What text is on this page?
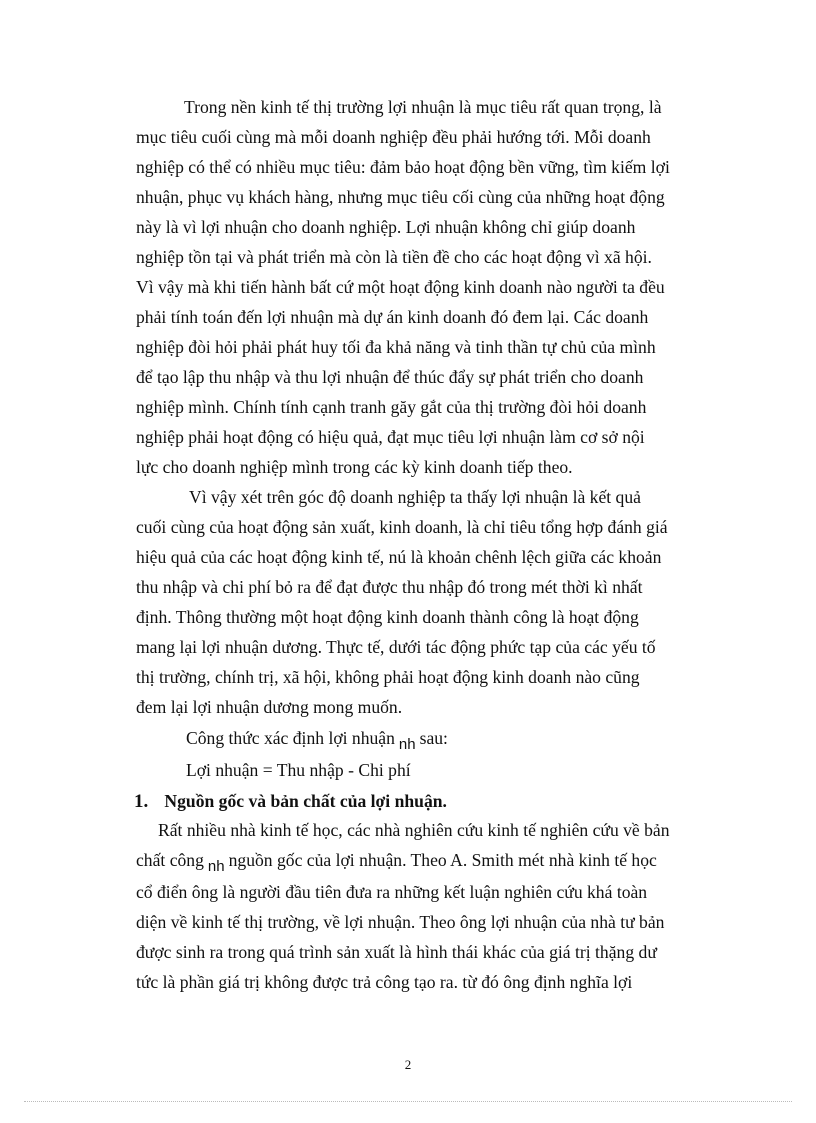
Trong nền kinh tế thị trường lợi nhuận là mục tiêu rất quan trọng, là
mục tiêu cuối cùng mà mỗi doanh nghiệp đều phải hướng tới. Mỗi doanh
nghiệp có thể có nhiều mục tiêu: đảm bảo hoạt động bền vững, tìm kiếm lợi
nhuận, phục vụ khách hàng, nhưng mục tiêu cối cùng của những hoạt động
này là vì lợi nhuận cho doanh nghiệp. Lợi nhuận không chỉ giúp doanh
nghiệp tồn tại và phát triển mà còn là tiền đề cho các hoạt động vì xã hội.
Vì vậy mà khi tiến hành bất cứ một hoạt động kinh doanh nào người ta đều
phải tính toán đến lợi nhuận mà dự án kinh doanh đó đem lại. Các doanh
nghiệp đòi hỏi phải phát huy tối đa khả năng và tinh thần tự chủ của mình
để tạo lập thu nhập và thu lợi nhuận để thúc đẩy sự phát triển cho doanh
nghiệp mình. Chính tính cạnh tranh găy gắt của thị trường đòi hỏi doanh
nghiệp phải hoạt động có hiệu quả, đạt mục tiêu lợi nhuận làm cơ sở nội
lực cho doanh nghiệp mình trong các kỳ kinh doanh tiếp theo.
Vì vậy xét trên góc độ doanh nghiệp ta thấy lợi nhuận là kết quả
cuối cùng của hoạt động sản xuất, kinh doanh, là chỉ tiêu tổng hợp đánh giá
hiệu quả của các hoạt động kinh tế, nú là khoản chênh lệch giữa các khoản
thu nhập và chi phí bỏ ra để đạt được thu nhập đó trong mét thời kì nhất
định. Thông thường một hoạt động kinh doanh thành công là hoạt động
mang lại lợi nhuận dương. Thực tế, dưới tác động phức tạp của các yếu tố
thị trường, chính trị, xã hội, không phải hoạt động kinh doanh nào cũng
đem lại lợi nhuận dương mong muốn.
Công thức xác định lợi nhuận nh sau:
Lợi nhuận = Thu nhập - Chi phí
1. Nguồn gốc và bản chất của lợi nhuận.
Rất nhiều nhà kinh tế học, các nhà nghiên cứu kinh tế nghiên cứu về bản
chất công nh nguồn gốc của lợi nhuận. Theo A. Smith mét nhà kinh tế học
cổ điển ông là người đầu tiên đưa ra những kết luận nghiên cứu khá toàn
diện về kinh tế thị trường, về lợi nhuận. Theo ông lợi nhuận của nhà tư bản
được sinh ra trong quá trình sản xuất là hình thái khác của giá trị thặng dư
tức là phần giá trị không được trả công tạo ra. từ đó ông định nghĩa lợi
2
